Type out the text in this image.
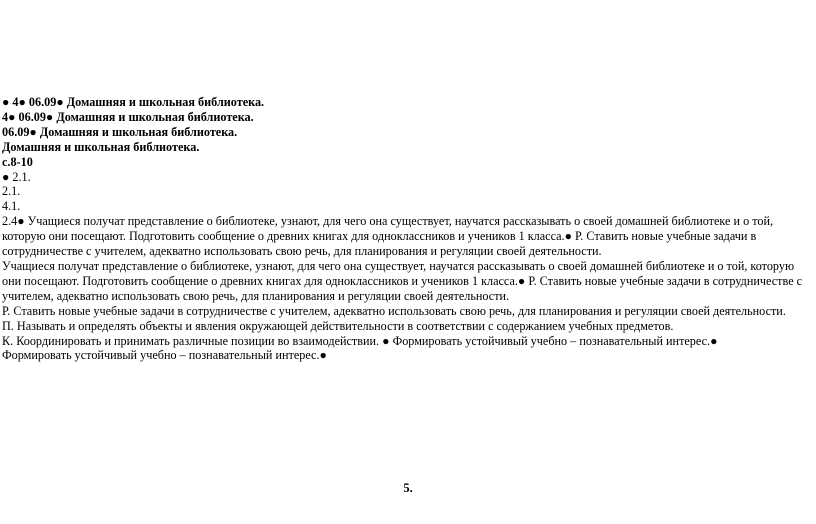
● 4● 06.09● Домашняя и школьная библиотека.
4● 06.09● Домашняя и школьная библиотека.
06.09● Домашняя и школьная библиотека.
Домашняя и школьная библиотека.
с.8-10
● 2.1.
2.1.
4.1.
2.4● Учащиеся получат представление о библиотеке, узнают, для чего она существует, научатся рассказывать о своей домашней библиотеке и о той, которую они посещают. Подготовить сообщение о древних книгах для одноклассников и учеников 1 класса.● Р. Ставить новые учебные задачи в сотрудничестве с учителем, адекватно использовать свою речь, для планирования и регуляции своей деятельности.
Учащиеся получат представление о библиотеке, узнают, для чего она существует, научатся рассказывать о своей домашней библиотеке и о той, которую они посещают. Подготовить сообщение о древних книгах для одноклассников и учеников 1 класса.● Р. Ставить новые учебные задачи в сотрудничестве с учителем, адекватно использовать свою речь, для планирования и регуляции своей деятельности.
Р. Ставить новые учебные задачи в сотрудничестве с учителем, адекватно использовать свою речь, для планирования и регуляции своей деятельности.
П. Называть и определять объекты и явления окружающей действительности в соответствии с содержанием учебных предметов.
К. Координировать и принимать различные позиции во взаимодействии. ● Формировать устойчивый учебно – познавательный интерес.●
Формировать устойчивый учебно – познавательный интерес.●
5.
